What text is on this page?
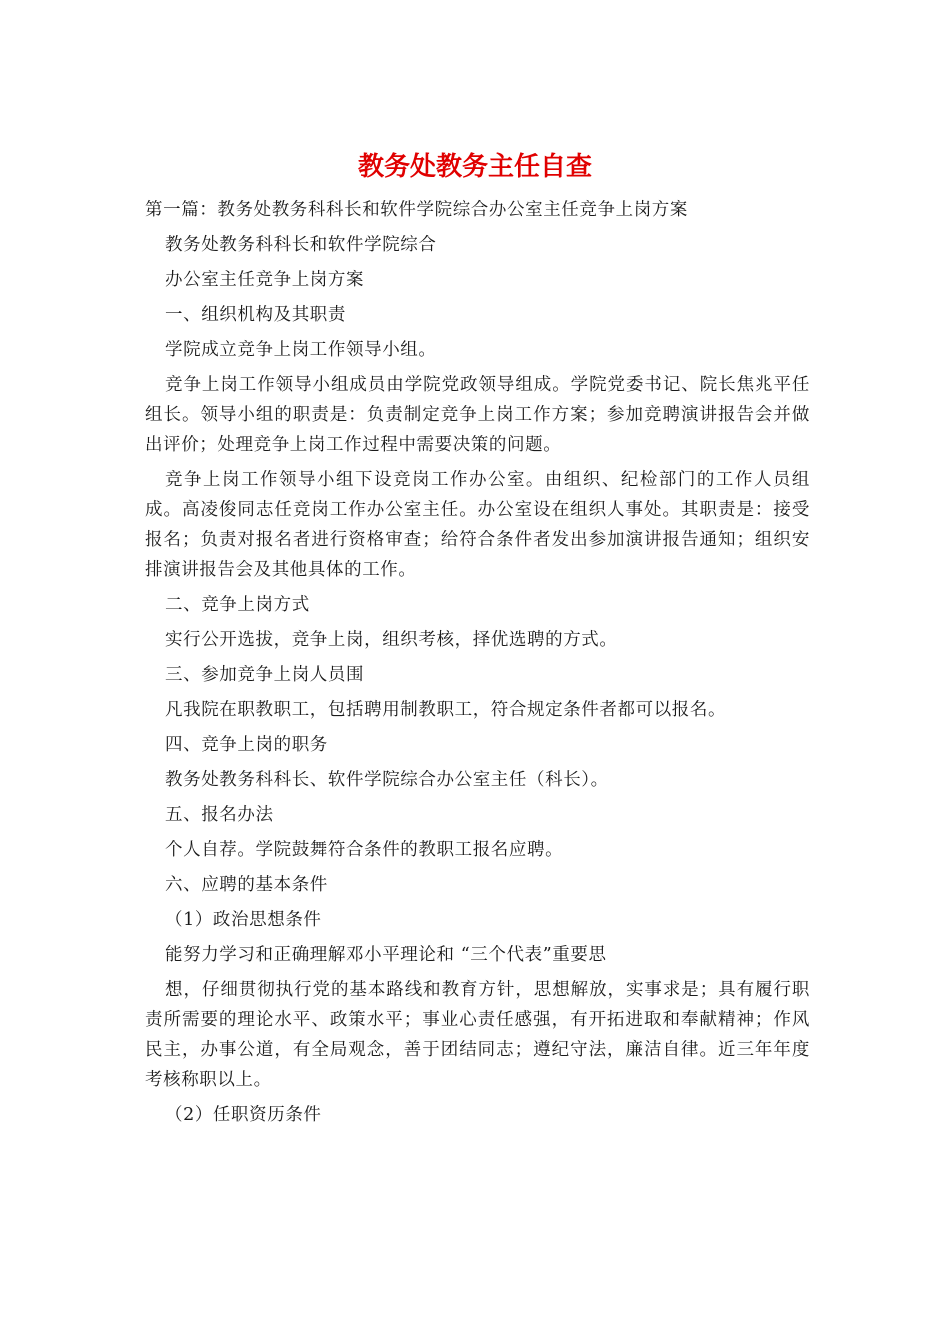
教务处教务主任自查

第一篇：教务处教务科科长和软件学院综合办公室主任竞争上岗方案

教务处教务科科长和软件学院综合

办公室主任竞争上岗方案

一、组织机构及其职责

学院成立竞争上岗工作领导小组。

竞争上岗工作领导小组成员由学院党政领导组成。学院党委书记、院长焦兆平任组长。领导小组的职责是：负责制定竞争上岗工作方案；参加竞聘演讲报告会并做出评价；处理竞争上岗工作过程中需要决策的问题。

竞争上岗工作领导小组下设竞岗工作办公室。由组织、纪检部门的工作人员组成。高凌俊同志任竞岗工作办公室主任。办公室设在组织人事处。其职责是：接受报名；负责对报名者进行资格审查；给符合条件者发出参加演讲报告通知；组织安排演讲报告会及其他具体的工作。

二、竞争上岗方式

实行公开选拔，竞争上岗，组织考核，择优选聘的方式。

三、参加竞争上岗人员围

凡我院在职教职工，包括聘用制教职工，符合规定条件者都可以报名。

四、竞争上岗的职务

教务处教务科科长、软件学院综合办公室主任（科长）。

五、报名办法

个人自荐。学院鼓舞符合条件的教职工报名应聘。

六、应聘的基本条件

（1）政治思想条件

能努力学习和正确理解邓小平理论和 “三个代表”重要思

想，仔细贯彻执行党的基本路线和教育方针，思想解放，实事求是；具有履行职责所需要的理论水平、政策水平；事业心责任感强，有开拓进取和奉献精神；作风民主，办事公道，有全局观念，善于团结同志；遵纪守法，廉洁自律。近三年年度考核称职以上。

（2）任职资历条件
